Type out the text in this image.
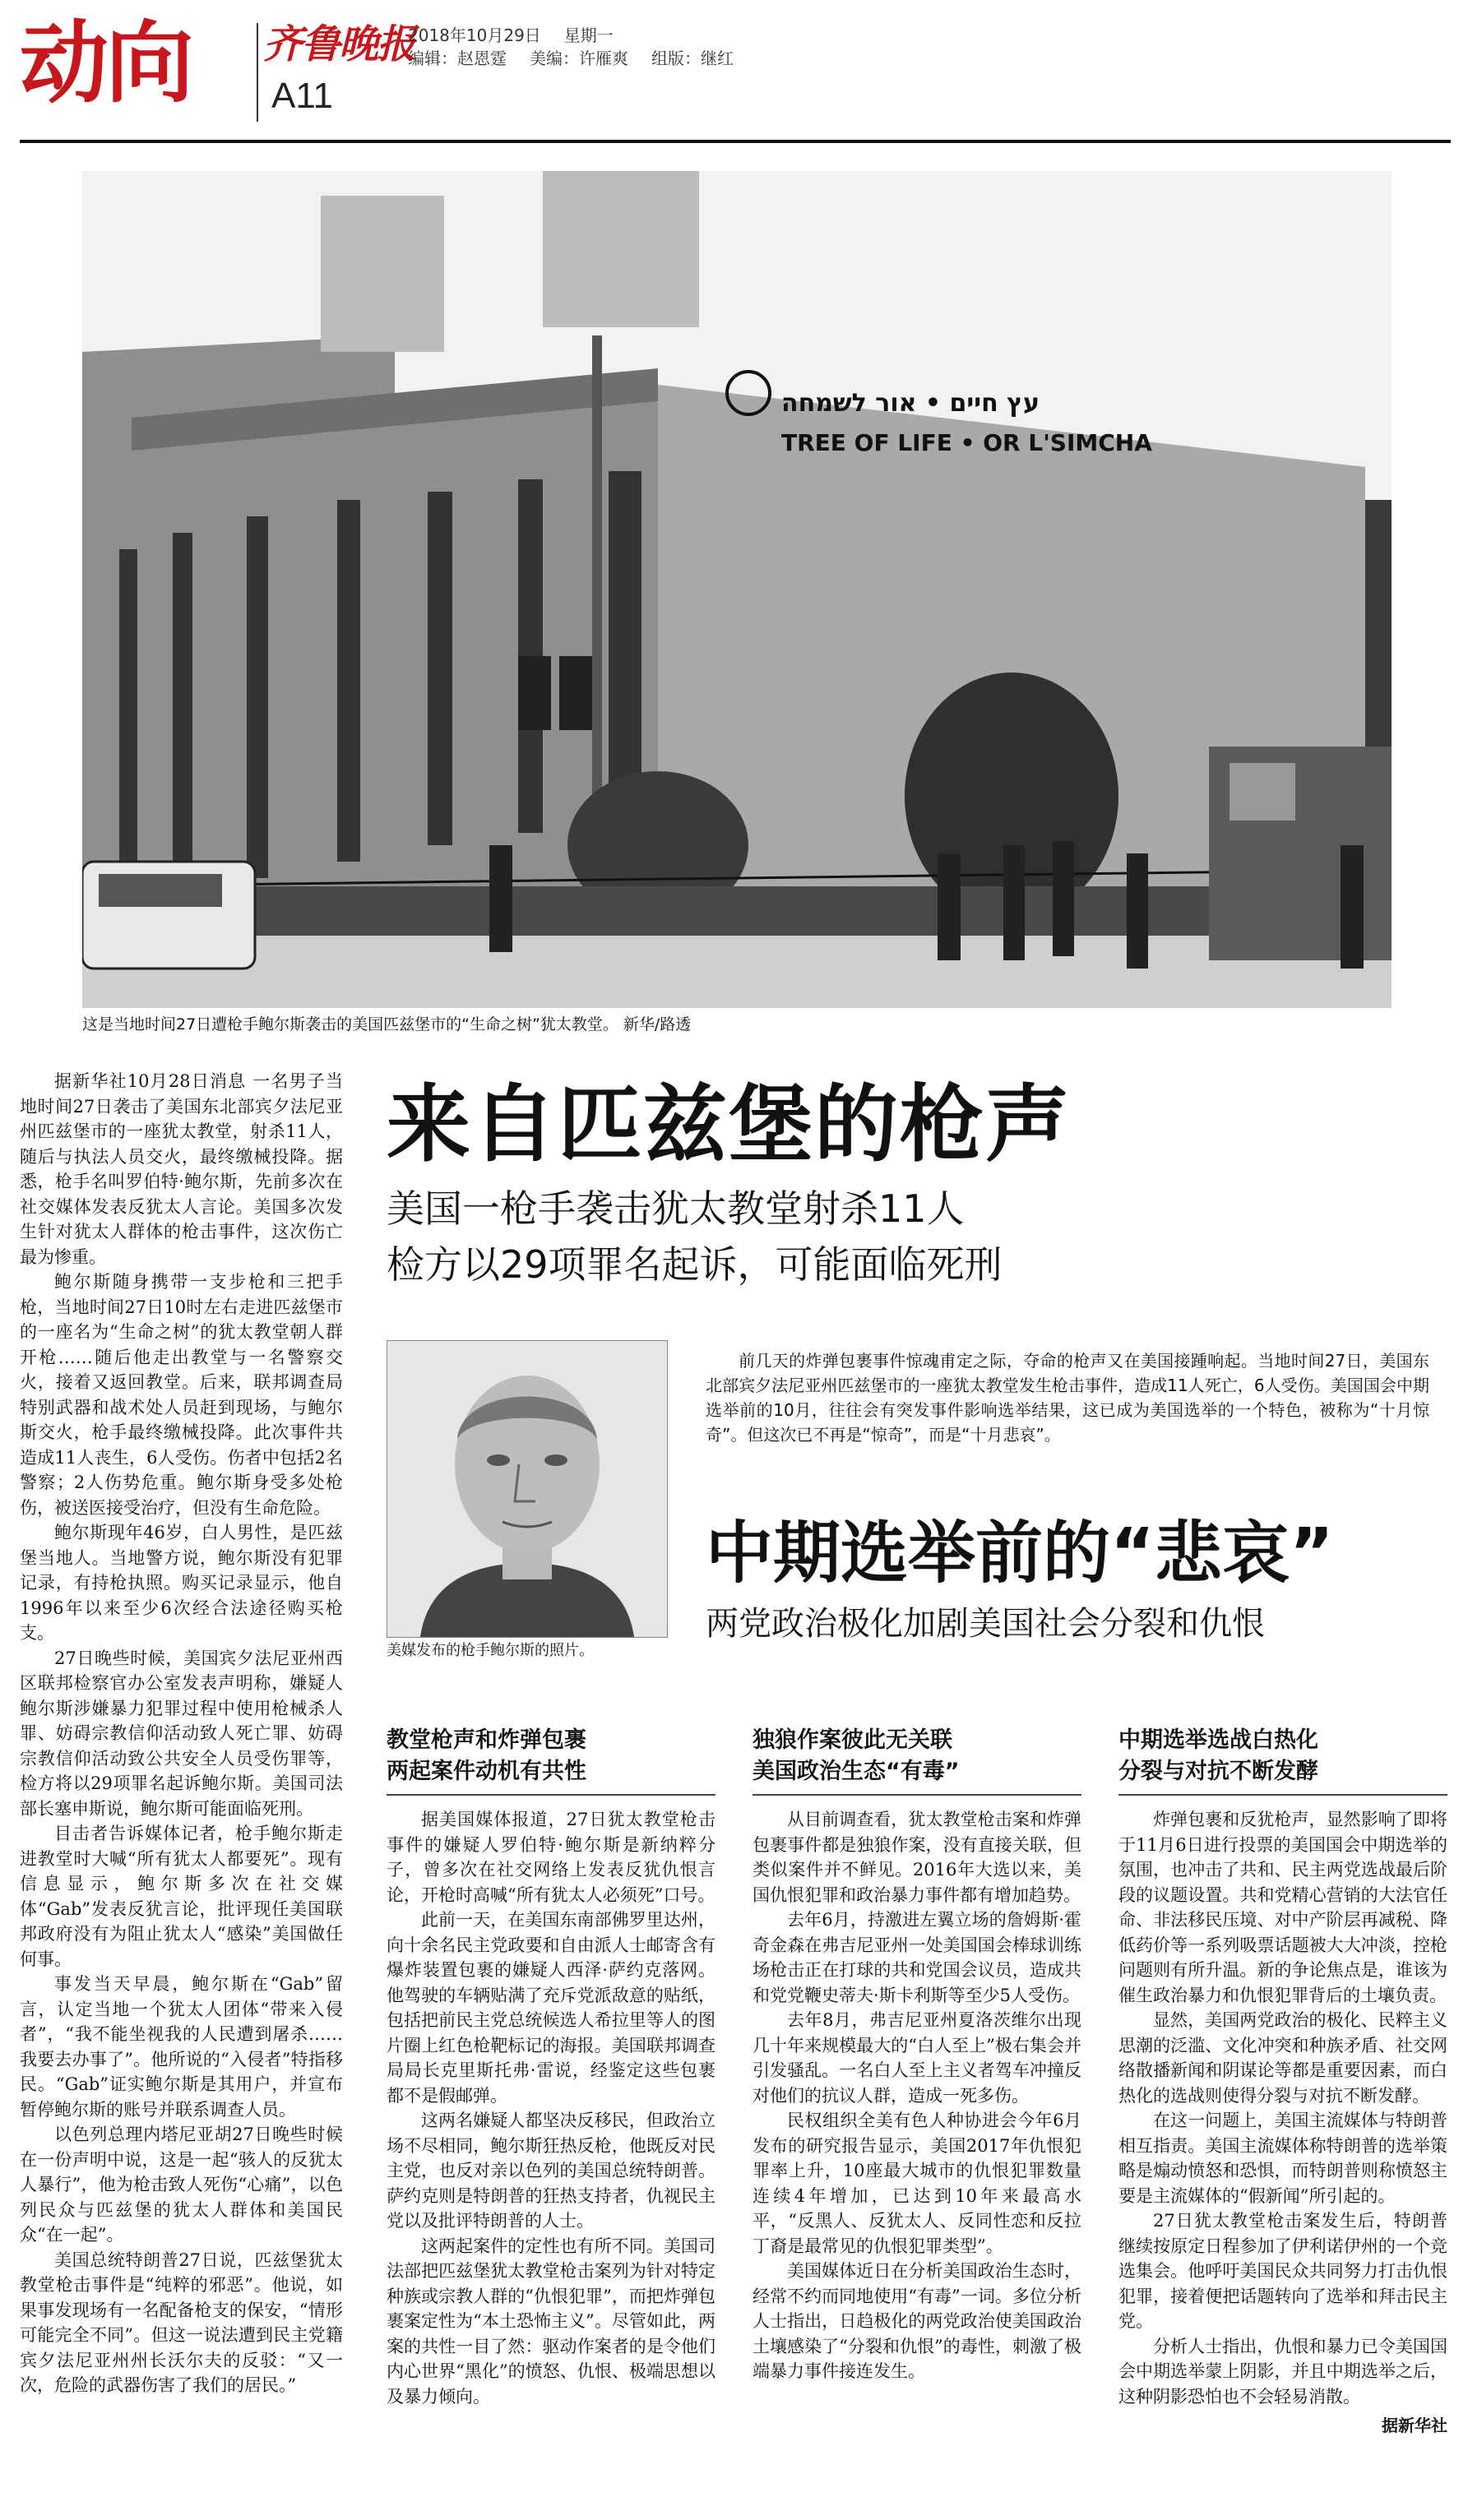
动向 齐鲁晚报
A11
2018年10月29日 星期一
编辑：赵恩霆 美编：许雁爽 组版：继红
עץ חיים • אור לשמחה
TREE OF LIFE • OR L'SIMCHA
这是当地时间27日遭枪手鲍尔斯袭击的美国匹兹堡市的“生命之树”犹太教堂。 新华/路透

据新华社10月28日消息 一名男子当地时间27日袭击了美国东北部宾夕法尼亚州匹兹堡市的一座犹太教堂，射杀11人，随后与执法人员交火，最终缴械投降。据悉，枪手名叫罗伯特·鲍尔斯，先前多次在社交媒体发表反犹太人言论。美国多次发生针对犹太人群体的枪击事件，这次伤亡最为惨重。

鲍尔斯随身携带一支步枪和三把手枪，当地时间27日10时左右走进匹兹堡市的一座名为“生命之树”的犹太教堂朝人群开枪……随后他走出教堂与一名警察交火，接着又返回教堂。后来，联邦调查局特别武器和战术处人员赶到现场，与鲍尔斯交火，枪手最终缴械投降。此次事件共造成11人丧生，6人受伤。伤者中包括2名警察；2人伤势危重。鲍尔斯身受多处枪伤，被送医接受治疗，但没有生命危险。

鲍尔斯现年46岁，白人男性，是匹兹堡当地人。当地警方说，鲍尔斯没有犯罪记录，有持枪执照。购买记录显示，他自1996年以来至少6次经合法途径购买枪支。

27日晚些时候，美国宾夕法尼亚州西区联邦检察官办公室发表声明称，嫌疑人鲍尔斯涉嫌暴力犯罪过程中使用枪械杀人罪、妨碍宗教信仰活动致人死亡罪、妨碍宗教信仰活动致公共安全人员受伤罪等，检方将以29项罪名起诉鲍尔斯。美国司法部长塞申斯说，鲍尔斯可能面临死刑。

目击者告诉媒体记者，枪手鲍尔斯走进教堂时大喊“所有犹太人都要死”。现有信息显示，鲍尔斯多次在社交媒体“Gab”发表反犹言论，批评现任美国联邦政府没有为阻止犹太人“感染”美国做任何事。

事发当天早晨，鲍尔斯在“Gab”留言，认定当地一个犹太人团体“带来入侵者”，“我不能坐视我的人民遭到屠杀……我要去办事了”。他所说的“入侵者”特指移民。“Gab”证实鲍尔斯是其用户，并宣布暂停鲍尔斯的账号并联系调查人员。

以色列总理内塔尼亚胡27日晚些时候在一份声明中说，这是一起“骇人的反犹太人暴行”，他为枪击致人死伤“心痛”，以色列民众与匹兹堡的犹太人群体和美国民众“在一起”。

美国总统特朗普27日说，匹兹堡犹太教堂枪击事件是“纯粹的邪恶”。他说，如果事发现场有一名配备枪支的保安，“情形可能完全不同”。但这一说法遭到民主党籍宾夕法尼亚州州长沃尔夫的反驳：“又一次，危险的武器伤害了我们的居民。”

来自匹兹堡的枪声
美国一枪手袭击犹太教堂射杀11人
检方以29项罪名起诉，可能面临死刑
美媒发布的枪手鲍尔斯的照片。
前几天的炸弹包裹事件惊魂甫定之际，夺命的枪声又在美国接踵响起。当地时间27日，美国东北部宾夕法尼亚州匹兹堡市的一座犹太教堂发生枪击事件，造成11人死亡，6人受伤。美国国会中期选举前的10月，往往会有突发事件影响选举结果，这已成为美国选举的一个特色，被称为“十月惊奇”。但这次已不再是“惊奇”，而是“十月悲哀”。
中期选举前的“悲哀”
两党政治极化加剧美国社会分裂和仇恨
教堂枪声和炸弹包裹
两起案件动机有共性

据美国媒体报道，27日犹太教堂枪击事件的嫌疑人罗伯特·鲍尔斯是新纳粹分子，曾多次在社交网络上发表反犹仇恨言论，开枪时高喊“所有犹太人必须死”口号。

此前一天，在美国东南部佛罗里达州，向十余名民主党政要和自由派人士邮寄含有爆炸装置包裹的嫌疑人西泽·萨约克落网。他驾驶的车辆贴满了充斥党派敌意的贴纸，包括把前民主党总统候选人希拉里等人的图片圈上红色枪靶标记的海报。美国联邦调查局局长克里斯托弗·雷说，经鉴定这些包裹都不是假邮弹。

这两名嫌疑人都坚决反移民，但政治立场不尽相同，鲍尔斯狂热反枪，他既反对民主党，也反对亲以色列的美国总统特朗普。萨约克则是特朗普的狂热支持者，仇视民主党以及批评特朗普的人士。

这两起案件的定性也有所不同。美国司法部把匹兹堡犹太教堂枪击案列为针对特定种族或宗教人群的“仇恨犯罪”，而把炸弹包裹案定性为“本土恐怖主义”。尽管如此，两案的共性一目了然：驱动作案者的是令他们内心世界“黑化”的愤怒、仇恨、极端思想以及暴力倾向。

独狼作案彼此无关联
美国政治生态“有毒”

从目前调查看，犹太教堂枪击案和炸弹包裹事件都是独狼作案，没有直接关联，但类似案件并不鲜见。2016年大选以来，美国仇恨犯罪和政治暴力事件都有增加趋势。

去年6月，持激进左翼立场的詹姆斯·霍奇金森在弗吉尼亚州一处美国国会棒球训练场枪击正在打球的共和党国会议员，造成共和党党鞭史蒂夫·斯卡利斯等至少5人受伤。

去年8月，弗吉尼亚州夏洛茨维尔出现几十年来规模最大的“白人至上”极右集会并引发骚乱。一名白人至上主义者驾车冲撞反对他们的抗议人群，造成一死多伤。

民权组织全美有色人种协进会今年6月发布的研究报告显示，美国2017年仇恨犯罪率上升，10座最大城市的仇恨犯罪数量连续4年增加，已达到10年来最高水平，“反黑人、反犹太人、反同性恋和反拉丁裔是最常见的仇恨犯罪类型”。

美国媒体近日在分析美国政治生态时，经常不约而同地使用“有毒”一词。多位分析人士指出，日趋极化的两党政治使美国政治土壤感染了“分裂和仇恨”的毒性，刺激了极端暴力事件接连发生。

中期选举选战白热化
分裂与对抗不断发酵

炸弹包裹和反犹枪声，显然影响了即将于11月6日进行投票的美国国会中期选举的氛围，也冲击了共和、民主两党选战最后阶段的议题设置。共和党精心营销的大法官任命、非法移民压境、对中产阶层再减税、降低药价等一系列吸票话题被大大冲淡，控枪问题则有所升温。新的争论焦点是，谁该为催生政治暴力和仇恨犯罪背后的土壤负责。

显然，美国两党政治的极化、民粹主义思潮的泛滥、文化冲突和种族矛盾、社交网络散播新闻和阴谋论等都是重要因素，而白热化的选战则使得分裂与对抗不断发酵。

在这一问题上，美国主流媒体与特朗普相互指责。美国主流媒体称特朗普的选举策略是煽动愤怒和恐惧，而特朗普则称愤怒主要是主流媒体的“假新闻”所引起的。

27日犹太教堂枪击案发生后，特朗普继续按原定日程参加了伊利诺伊州的一个竞选集会。他呼吁美国民众共同努力打击仇恨犯罪，接着便把话题转向了选举和拜击民主党。

分析人士指出，仇恨和暴力已令美国国会中期选举蒙上阴影，并且中期选举之后，这种阴影恐怕也不会轻易消散。

据新华社
